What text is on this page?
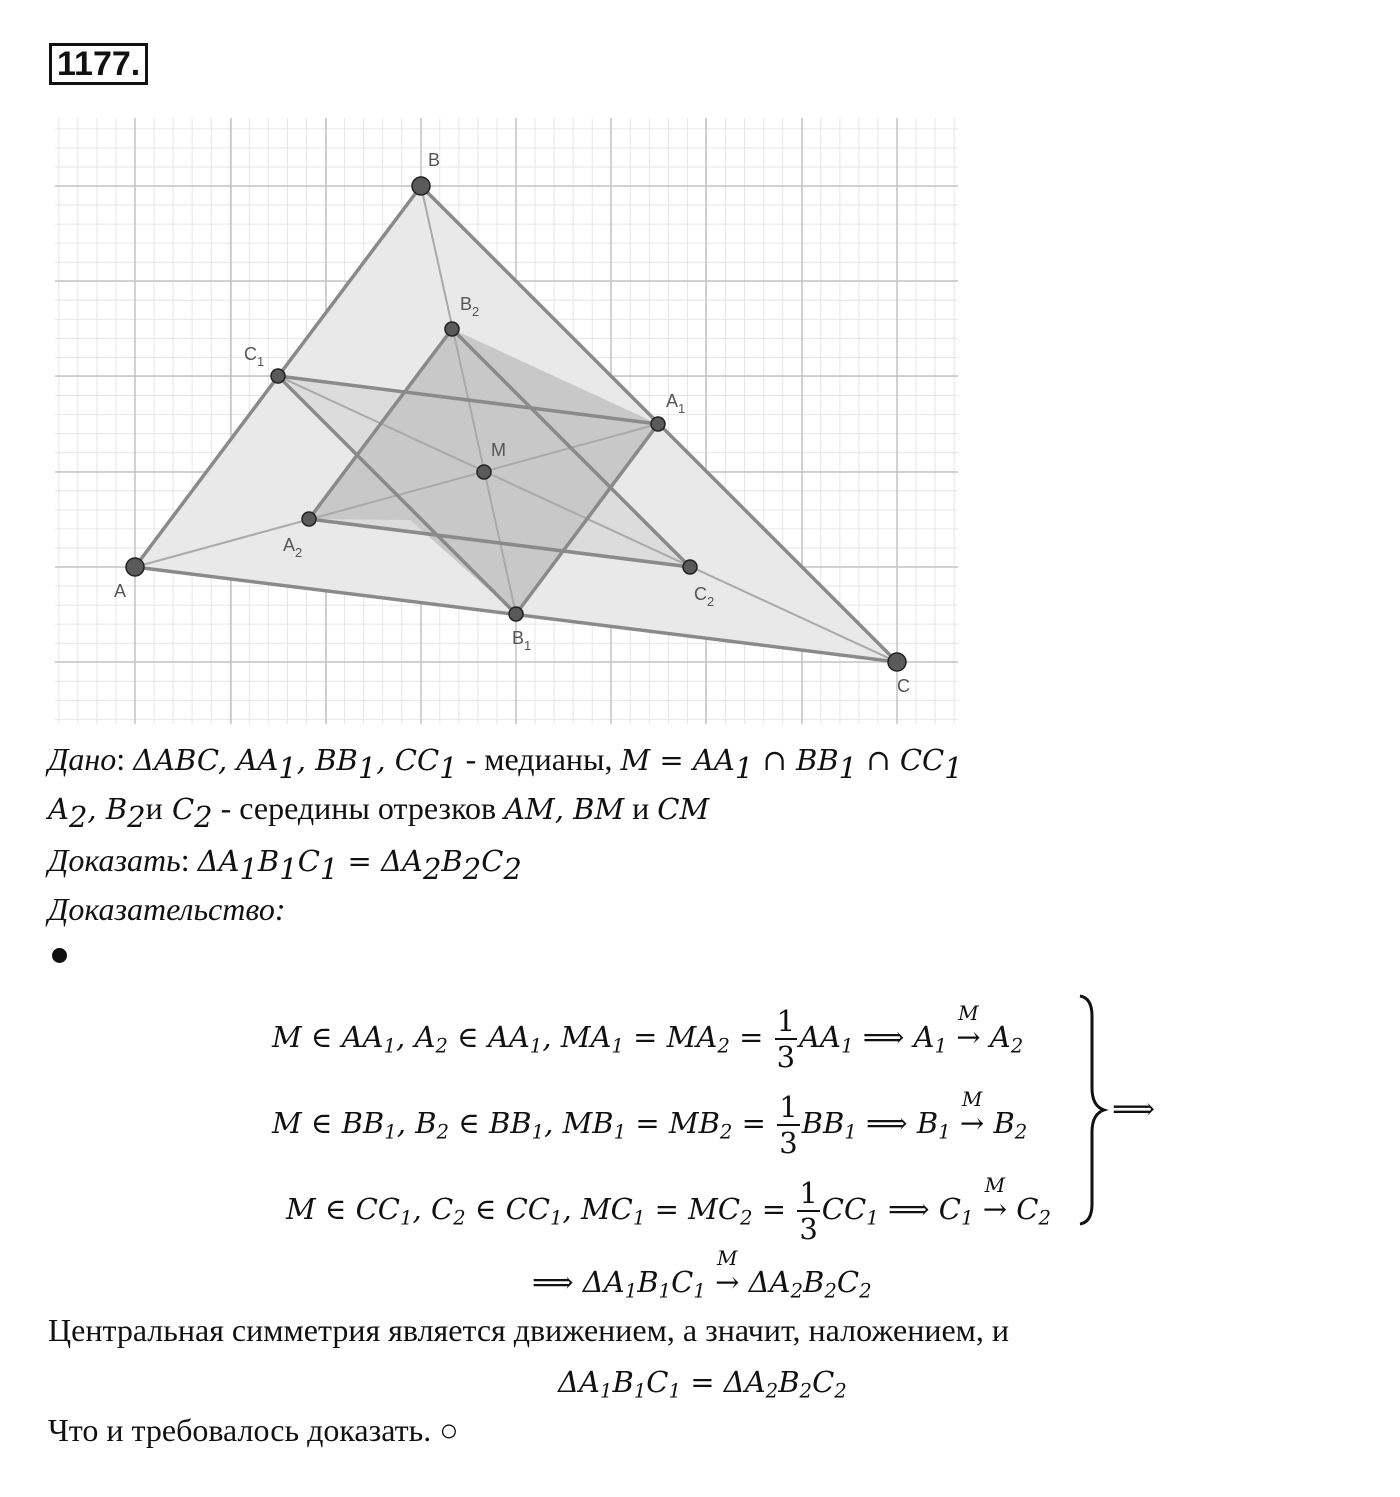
1177.
A
B
C
M
$A_1$
$B_1$
$C_1$
$A_2$
$B_2$
$C_2$
Дано: ΔABC, $AA_1$, $BB_1$, $CC_1$ - медианы, $M = AA_1$ ∩ $BB_1$ ∩ $CC_1$
$A_2$, $B_2и$ $C_2$ - середины отрезков AM, BM и CM
Доказать: $\Delta A_1B_1C_1 = \Delta A_2B_2C_2$
Доказательство:
M ∈ $AA_1$, $A_2$ ∈ $AA_1$, $MA_1 = MA_2 = \frac{1}{3} AA_1$ ⟹ $A_1$
M
→ $A_2$
M ∈ $BB_1$, $B_2$ ∈ $BB_1$, $MB_1 = MB_2 = \frac{1}{3} BB_1$ ⟹ $B_1$
M
→ $B_2$
M ∈ $CC_1$, $C_2$ ∈ $CC_1$, $MC_1 = MC_2 = \frac{1}{3} CC_1$ ⟹ $C_1$
M
→ $C_2$
⟹
⟹ $\Delta A_1B_1C_1$
M
→ $\Delta A_2B_2C_2$
Центральная симметрия является движением, а значит, наложением, и
$\Delta A_1B_1C_1 = \Delta A_2B_2C_2$
Что и требовалось доказать. ○
